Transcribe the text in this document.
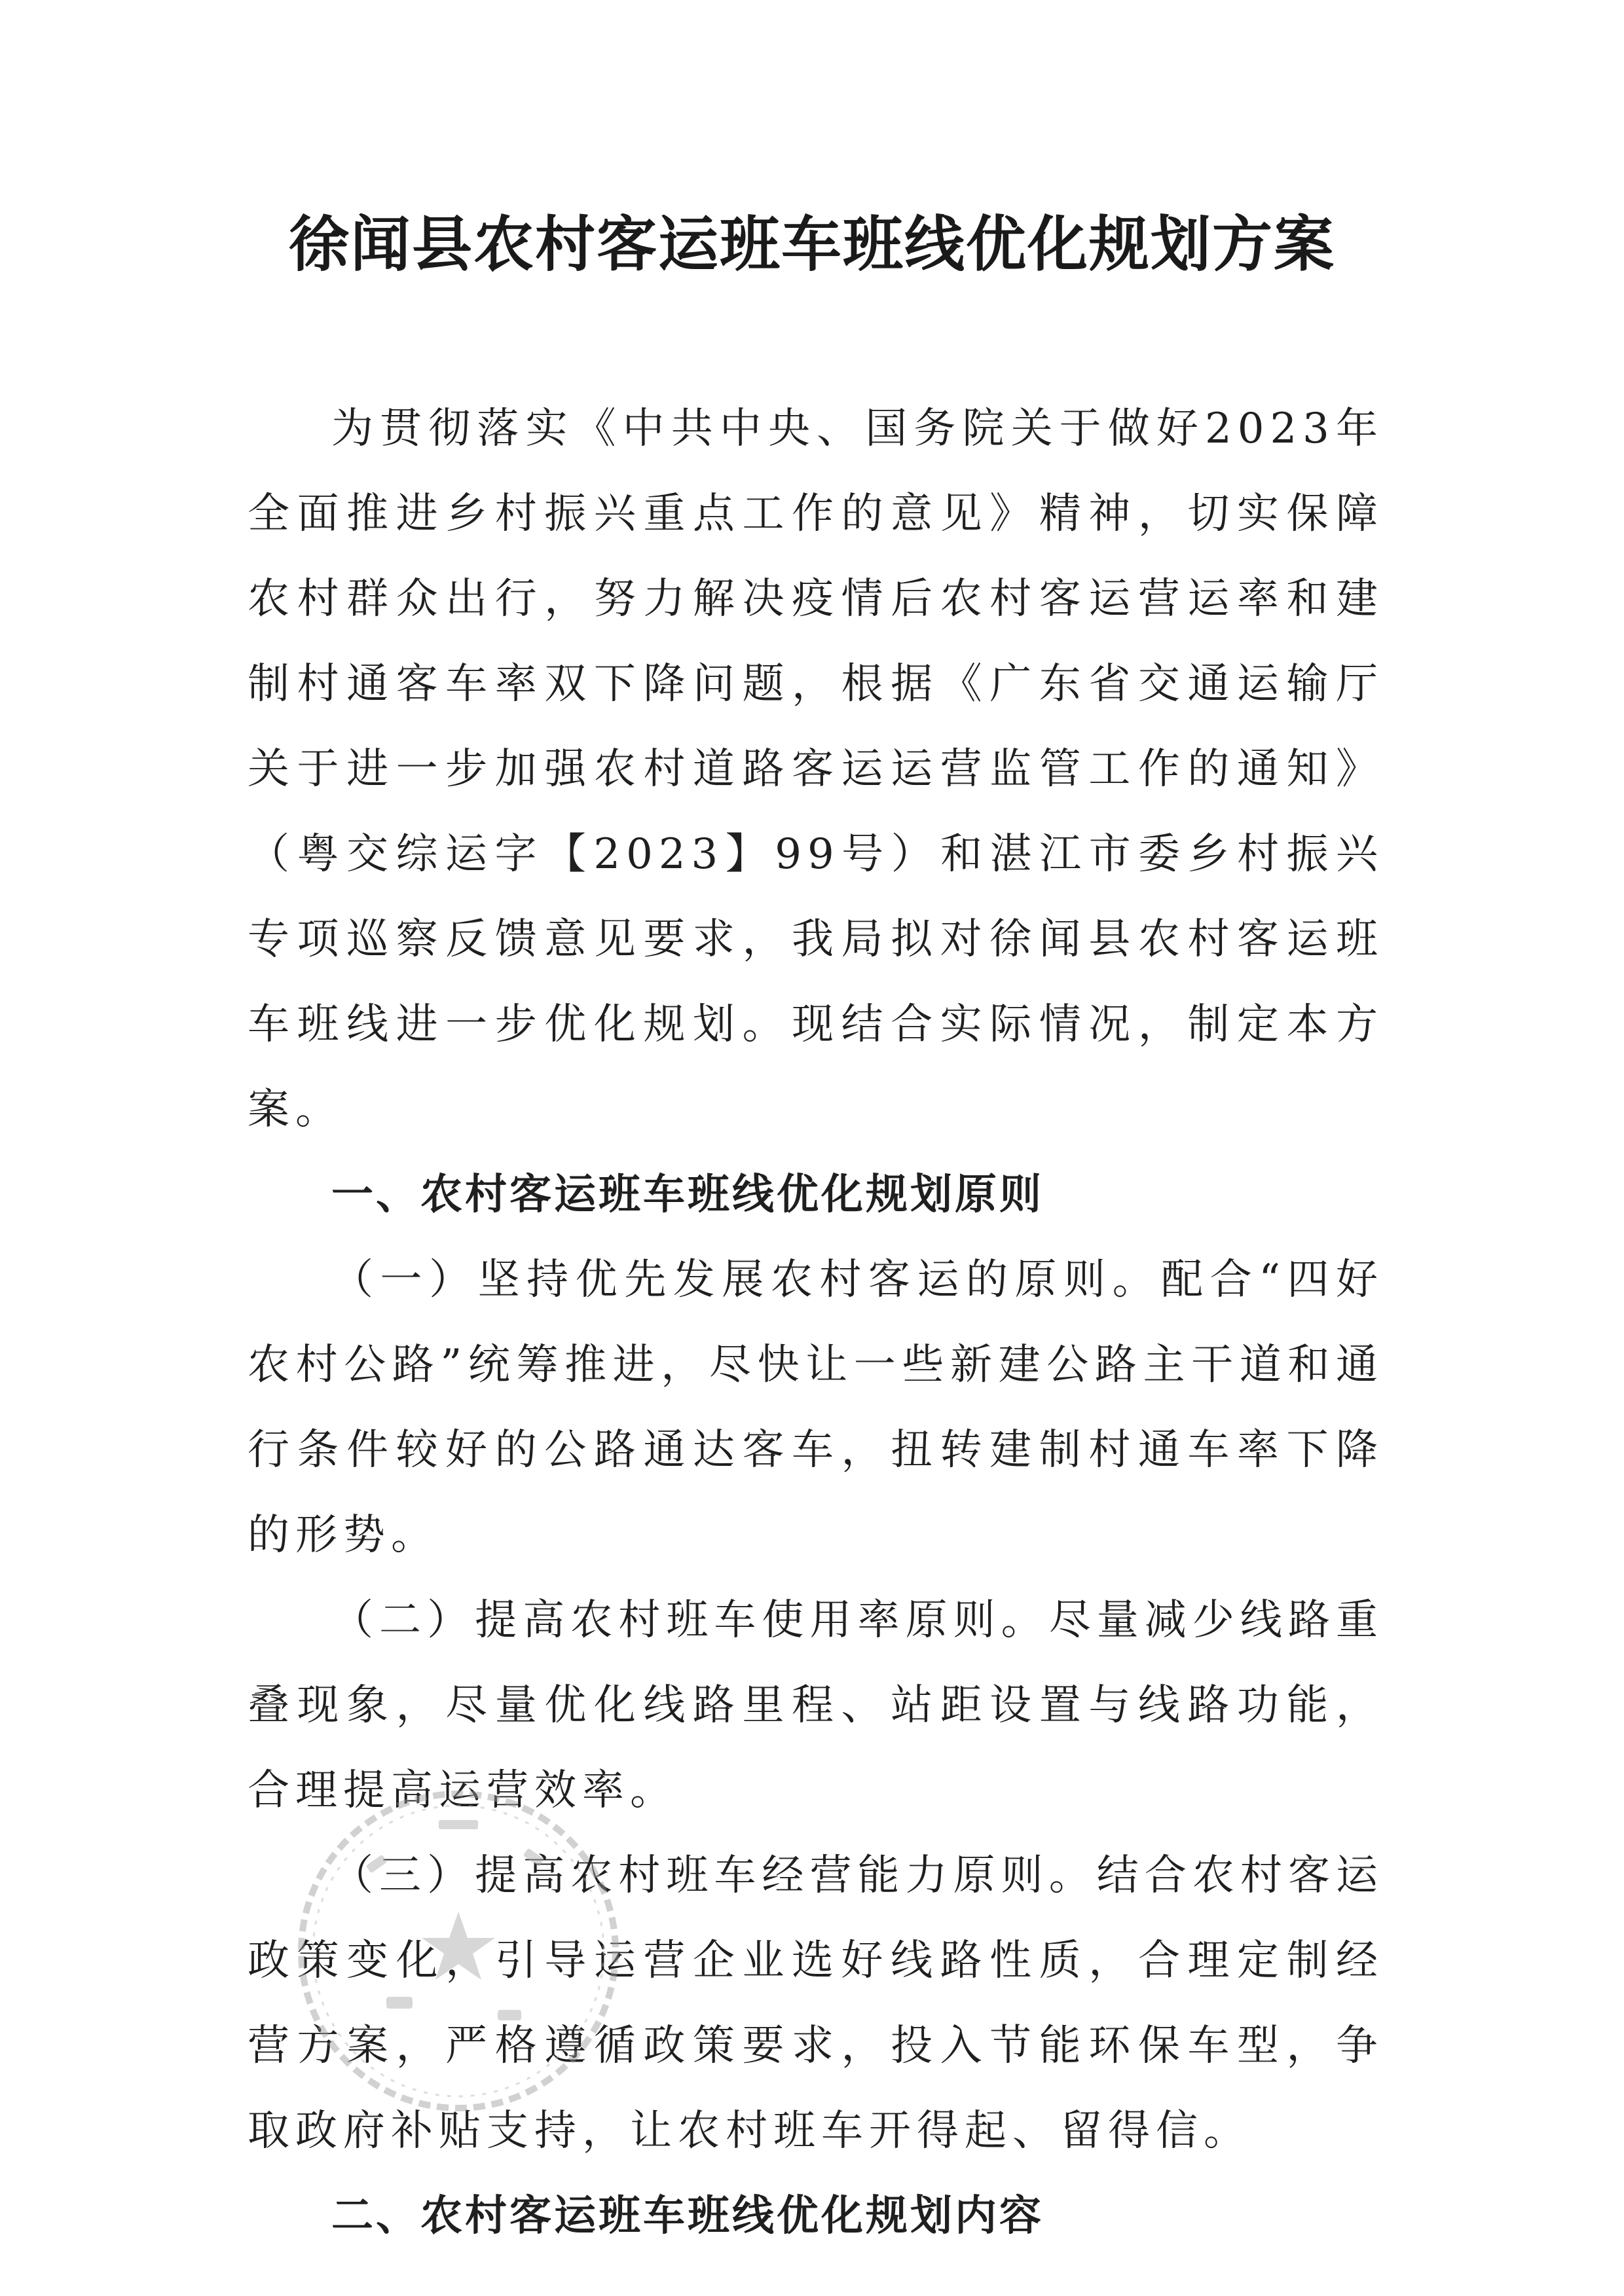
徐闻县农村客运班车班线优化规划方案

为贯彻落实《中共中央、国务院关于做好2023年全面推进乡村振兴重点工作的意见》精神，切实保障农村群众出行，努力解决疫情后农村客运营运率和建制村通客车率双下降问题，根据《广东省交通运输厅关于进一步加强农村道路客运运营监管工作的通知》（粤交综运字【2023】99号）和湛江市委乡村振兴专项巡察反馈意见要求，我局拟对徐闻县农村客运班车班线进一步优化规划。现结合实际情况，制定本方案。

一、农村客运班车班线优化规划原则

（一）坚持优先发展农村客运的原则。配合“四好农村公路”统筹推进，尽快让一些新建公路主干道和通行条件较好的公路通达客车，扭转建制村通车率下降的形势。

（二）提高农村班车使用率原则。尽量减少线路重叠现象，尽量优化线路里程、站距设置与线路功能，合理提高运营效率。

（三）提高农村班车经营能力原则。结合农村客运政策变化，引导运营企业选好线路性质，合理定制经营方案，严格遵循政策要求，投入节能环保车型，争取政府补贴支持，让农村班车开得起、留得信。

二、农村客运班车班线优化规划内容
